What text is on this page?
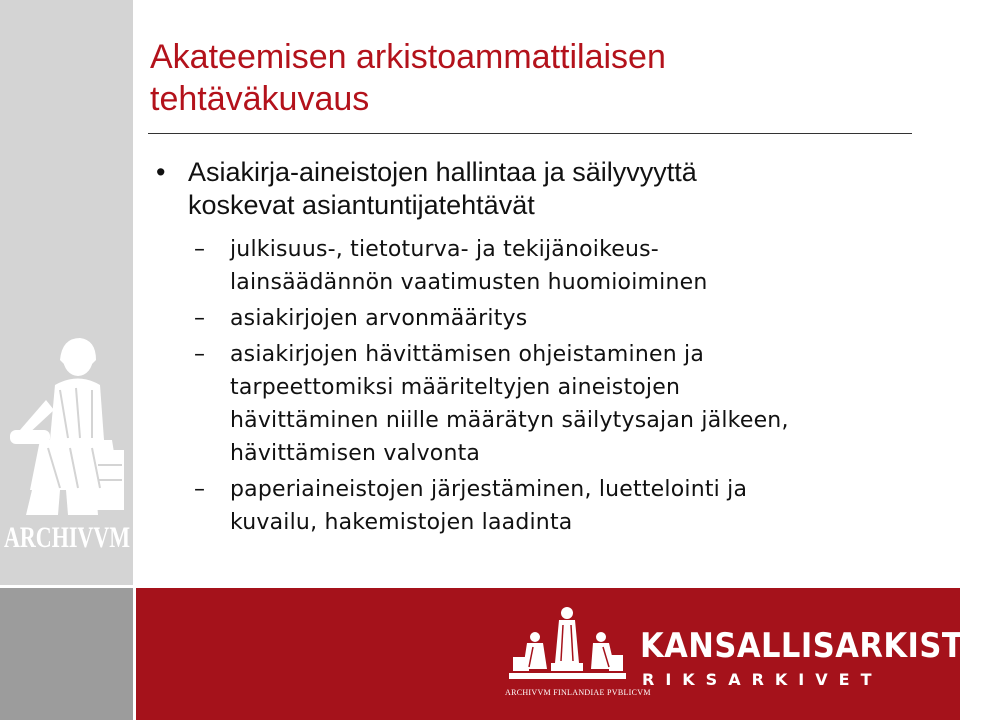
ARCHIVVM
Akateemisen arkistoammattilaisen
tehtäväkuvaus
• Asiakirja-aineistojen hallintaa ja säilyvyyttä
koskevat asiantuntijatehtävät
– julkisuus-, tietoturva- ja tekijänoikeus-
lainsäädännön vaatimusten huomioiminen
– asiakirjojen arvonmääritys
– asiakirjojen hävittämisen ohjeistaminen ja
tarpeettomiksi määriteltyjen aineistojen
hävittäminen niille määrätyn säilytysajan jälkeen,
hävittämisen valvonta
– paperiaineistojen järjestäminen, luettelointi ja
kuvailu, hakemistojen laadinta
ARCHIVVM FINLANDIAE PVBLICVM
KANSALLISARKISTO
RIKSARKIVET
